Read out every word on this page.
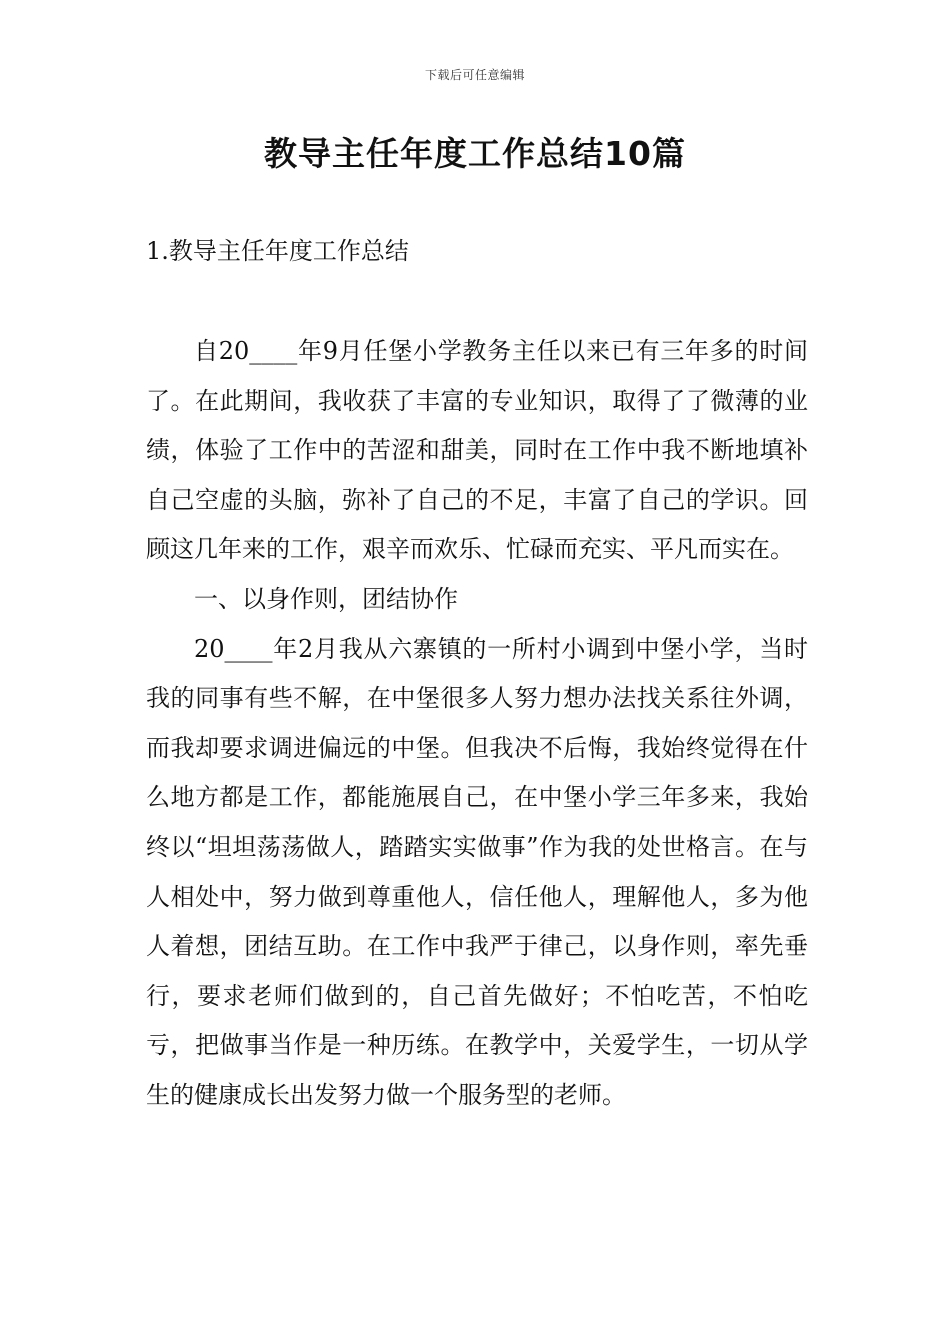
下载后可任意编辑
教导主任年度工作总结10篇
1.教导主任年度工作总结

自20____年9月任堡小学教务主任以来已有三年多的时间了。在此期间，我收获了丰富的专业知识，取得了了微薄的业绩，体验了工作中的苦涩和甜美，同时在工作中我不断地填补自己空虚的头脑，弥补了自己的不足，丰富了自己的学识。回顾这几年来的工作，艰辛而欢乐、忙碌而充实、平凡而实在。

一、以身作则，团结协作

20____年2月我从六寨镇的一所村小调到中堡小学，当时我的同事有些不解，在中堡很多人努力想办法找关系往外调，而我却要求调进偏远的中堡。但我决不后悔，我始终觉得在什么地方都是工作，都能施展自己，在中堡小学三年多来，我始终以“坦坦荡荡做人，踏踏实实做事”作为我的处世格言。在与人相处中，努力做到尊重他人，信任他人，理解他人，多为他人着想，团结互助。在工作中我严于律己，以身作则，率先垂行，要求老师们做到的，自己首先做好；不怕吃苦，不怕吃亏，把做事当作是一种历练。在教学中，关爱学生，一切从学生的健康成长出发努力做一个服务型的老师。
